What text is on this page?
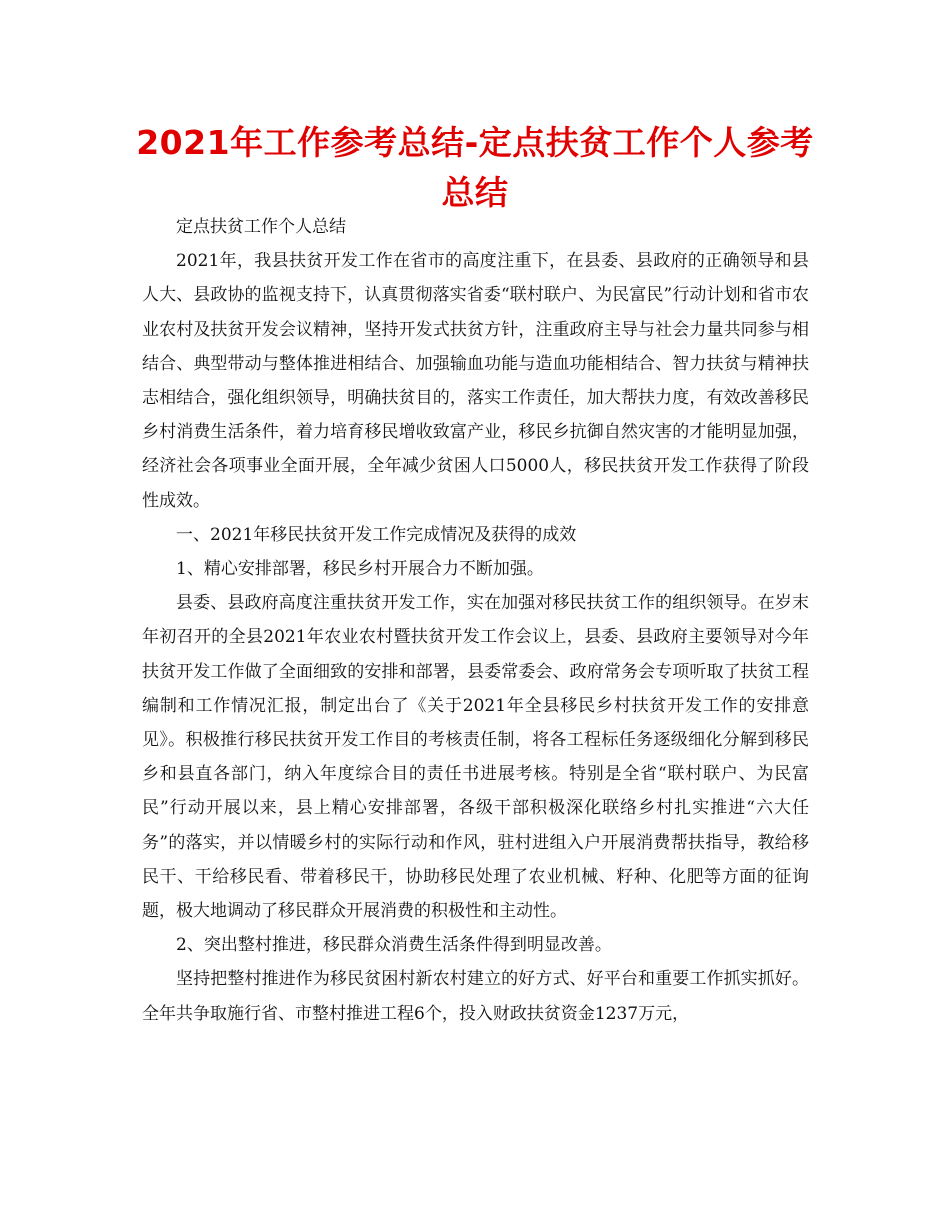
2021年工作参考总结-定点扶贫工作个人参考总结

定点扶贫工作个人总结

2021年，我县扶贫开发工作在省市的高度注重下，在县委、县政府的正确领导和县人大、县政协的监视支持下，认真贯彻落实省委“联村联户、为民富民”行动计划和省市农业农村及扶贫开发会议精神，坚持开发式扶贫方针，注重政府主导与社会力量共同参与相结合、典型带动与整体推进相结合、加强输血功能与造血功能相结合、智力扶贫与精神扶志相结合，强化组织领导，明确扶贫目的，落实工作责任，加大帮扶力度，有效改善移民乡村消费生活条件，着力培育移民增收致富产业，移民乡抗御自然灾害的才能明显加强，经济社会各项事业全面开展，全年减少贫困人口5000人，移民扶贫开发工作获得了阶段性成效。

一、2021年移民扶贫开发工作完成情况及获得的成效

1、精心安排部署，移民乡村开展合力不断加强。

县委、县政府高度注重扶贫开发工作，实在加强对移民扶贫工作的组织领导。在岁末年初召开的全县2021年农业农村暨扶贫开发工作会议上，县委、县政府主要领导对今年扶贫开发工作做了全面细致的安排和部署，县委常委会、政府常务会专项听取了扶贫工程编制和工作情况汇报，制定出台了《关于2021年全县移民乡村扶贫开发工作的安排意见》。积极推行移民扶贫开发工作目的考核责任制，将各工程标任务逐级细化分解到移民乡和县直各部门，纳入年度综合目的责任书进展考核。特别是全省“联村联户、为民富民”行动开展以来，县上精心安排部署，各级干部积极深化联络乡村扎实推进“六大任务”的落实，并以情暖乡村的实际行动和作风，驻村进组入户开展消费帮扶指导，教给移民干、干给移民看、带着移民干，协助移民处理了农业机械、籽种、化肥等方面的征询题，极大地调动了移民群众开展消费的积极性和主动性。

2、突出整村推进，移民群众消费生活条件得到明显改善。

坚持把整村推进作为移民贫困村新农村建立的好方式、好平台和重要工作抓实抓好。全年共争取施行省、市整村推进工程6个，投入财政扶贫资金1237万元，
